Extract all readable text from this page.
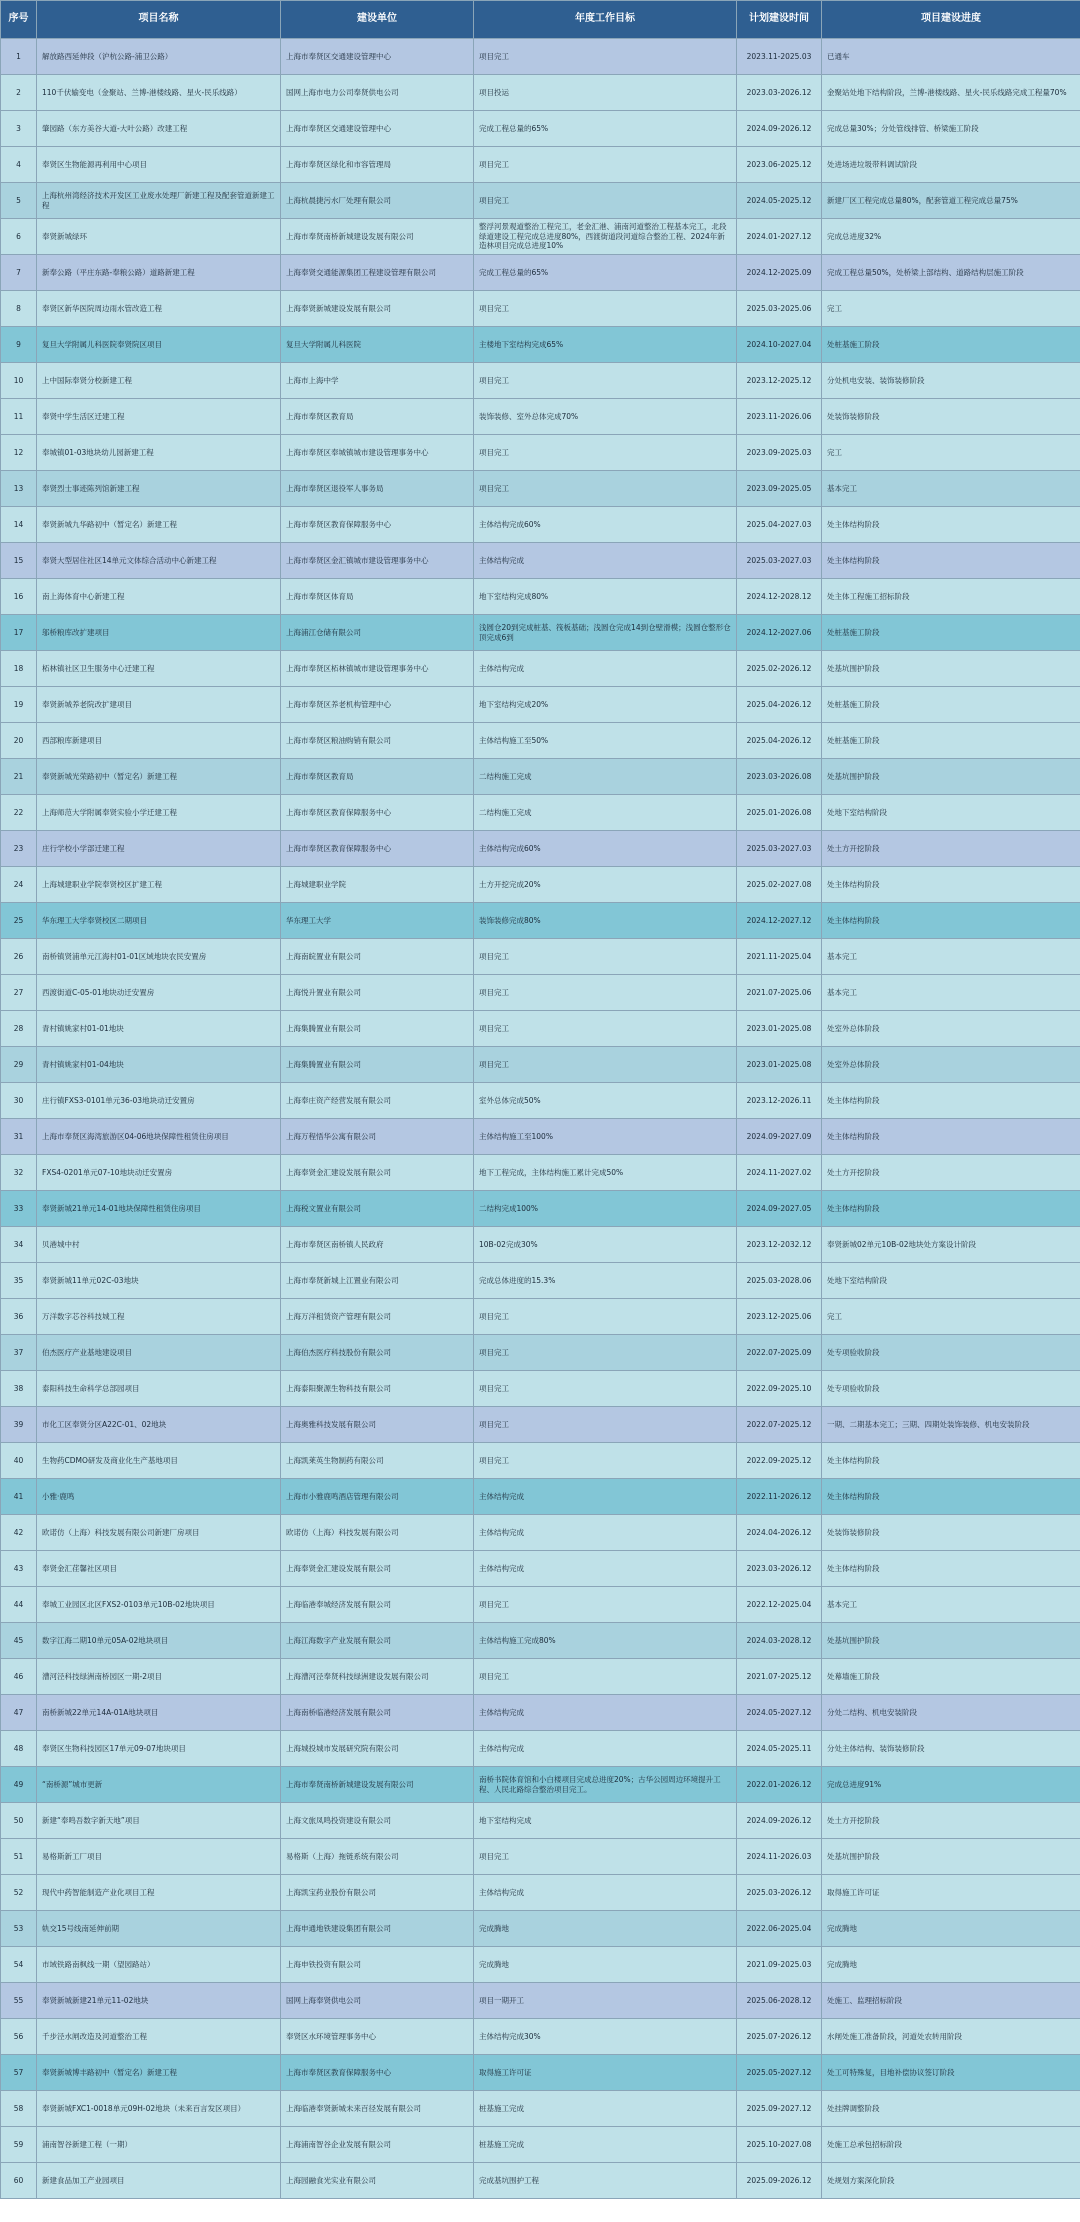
序号	项目名称	建设单位	年度工作目标	计划建设时间	项目建设进度
1	解放路西延伸段（沪杭公路-浦卫公路）	上海市奉贤区交通建设管理中心	项目完工	2023.11-2025.03	已通车
2	110千伏输变电（金聚站、兰博-港楼线路、星火-民乐线路）	国网上海市电力公司奉贤供电公司	项目投运	2023.03-2026.12	金聚站处地下结构阶段，兰博-港楼线路、星火-民乐线路完成工程量70%
3	肇园路（东方美谷大道-大叶公路）改建工程	上海市奉贤区交通建设管理中心	完成工程总量的65%	2024.09-2026.12	完成总量30%；分处管线排管、桥梁施工阶段
4	奉贤区生物能源再利用中心项目	上海市奉贤区绿化和市容管理局	项目完工	2023.06-2025.12	处进场进垃圾带料调试阶段
5	上海杭州湾经济技术开发区工业废水处理厂新建工程及配套管道新建工程	上海杭晨捷污水厂处理有限公司	项目完工	2024.05-2025.12	新建厂区工程完成总量80%，配套管道工程完成总量75%
6	奉贤新城绿环	上海市奉贤南桥新城建设发展有限公司	整浮河景观道整治工程完工，老金汇港、浦南河道整治工程基本完工，北段绿道建设工程完成总进度80%，西渡街道段河道综合整治工程、2024年新造林项目完成总进度10%	2024.01-2027.12	完成总进度32%
7	新奉公路（平庄东路-奉粮公路）道路新建工程	上海奉贤交通能源集团工程建设管理有限公司	完成工程总量的65%	2024.12-2025.09	完成工程总量50%，处桥梁上部结构、道路结构层施工阶段
8	奉贤区新华医院周边雨水管改造工程	上海奉贤新城建设发展有限公司	项目完工	2025.03-2025.06	完工
9	复旦大学附属儿科医院奉贤院区项目	复旦大学附属儿科医院	主楼地下室结构完成65%	2024.10-2027.04	处桩基施工阶段
10	上中国际奉贤分校新建工程	上海市上海中学	项目完工	2023.12-2025.12	分处机电安装、装饰装修阶段
11	奉贤中学生活区迁建工程	上海市奉贤区教育局	装饰装修、室外总体完成70%	2023.11-2026.06	处装饰装修阶段
12	奉城镇01-03地块幼儿园新建工程	上海市奉贤区奉城镇城市建设管理事务中心	项目完工	2023.09-2025.03	完工
13	奉贤烈士事迹陈列馆新建工程	上海市奉贤区退役军人事务局	项目完工	2023.09-2025.05	基本完工
14	奉贤新城九华路初中（暂定名）新建工程	上海市奉贤区教育保障服务中心	主体结构完成60%	2025.04-2027.03	处主体结构阶段
15	奉贤大型居住社区14单元文体综合活动中心新建工程	上海市奉贤区金汇镇城市建设管理事务中心	主体结构完成	2025.03-2027.03	处主体结构阶段
16	南上海体育中心新建工程	上海市奉贤区体育局	地下室结构完成80%	2024.12-2028.12	处主体工程施工招标阶段
17	邬桥粮库改扩建项目	上海浦江仓储有限公司	浅圆仓20到完成桩基、筏板基础；浅圆仓完成14到仓壁滑模；浅圆仓整形仓顶完成6到	2024.12-2027.06	处桩基施工阶段
18	柘林镇社区卫生服务中心迁建工程	上海市奉贤区柘林镇城市建设管理事务中心	主体结构完成	2025.02-2026.12	处基坑围护阶段
19	奉贤新城养老院改扩建项目	上海市奉贤区养老机构管理中心	地下室结构完成20%	2025.04-2026.12	处桩基施工阶段
20	西部粮库新建项目	上海市奉贤区粮油购销有限公司	主体结构施工至50%	2025.04-2026.12	处桩基施工阶段
21	奉贤新城光荣路初中（暂定名）新建工程	上海市奉贤区教育局	二结构施工完成	2023.03-2026.08	处基坑围护阶段
22	上海师范大学附属奉贤实验小学迁建工程	上海市奉贤区教育保障服务中心	二结构施工完成	2025.01-2026.08	处地下室结构阶段
23	庄行学校小学部迁建工程	上海市奉贤区教育保障服务中心	主体结构完成60%	2025.03-2027.03	处土方开挖阶段
24	上海城建职业学院奉贤校区扩建工程	上海城建职业学院	土方开挖完成20%	2025.02-2027.08	处主体结构阶段
25	华东理工大学奉贤校区二期项目	华东理工大学	装饰装修完成80%	2024.12-2027.12	处主体结构阶段
26	南桥镇贤浦单元江海村01-01区域地块农民安置房	上海南皖置业有限公司	项目完工	2021.11-2025.04	基本完工
27	西渡街道C-05-01地块动迁安置房	上海悦升置业有限公司	项目完工	2021.07-2025.06	基本完工
28	青村镇姚家村01-01地块	上海集腾置业有限公司	项目完工	2023.01-2025.08	处室外总体阶段
29	青村镇姚家村01-04地块	上海集腾置业有限公司	项目完工	2023.01-2025.08	处室外总体阶段
30	庄行镇FXS3-0101单元36-03地块动迁安置房	上海奉庄资产经营发展有限公司	室外总体完成50%	2023.12-2026.11	处主体结构阶段
31	上海市奉贤区海湾旅游区04-06地块保障性租赁住房项目	上海万程悟华公寓有限公司	主体结构施工至100%	2024.09-2027.09	处主体结构阶段
32	FXS4-0201单元07-10地块动迁安置房	上海奉贤金汇建设发展有限公司	地下工程完成，主体结构施工累计完成50%	2024.11-2027.02	处土方开挖阶段
33	奉贤新城21单元14-01地块保障性租赁住房项目	上海税文置业有限公司	二结构完成100%	2024.09-2027.05	处主体结构阶段
34	贝港城中村	上海市奉贤区南桥镇人民政府	10B-02完成30%	2023.12-2032.12	奉贤新城02单元10B-02地块处方案设计阶段
35	奉贤新城11单元02C-03地块	上海市奉贤新城上江置业有限公司	完成总体进度的15.3%	2025.03-2028.06	处地下室结构阶段
36	万洋数字芯谷科技城工程	上海万洋租赁资产管理有限公司	项目完工	2023.12-2025.06	完工
37	伯杰医疗产业基地建设项目	上海伯杰医疗科技股份有限公司	项目完工	2022.07-2025.09	处专项验收阶段
38	泰阳科技生命科学总部园项目	上海泰阳聚源生物科技有限公司	项目完工	2022.09-2025.10	处专项验收阶段
39	市化工区奉贤分区A22C-01、02地块	上海奥雅科技发展有限公司	项目完工	2022.07-2025.12	一期、二期基本完工；三期、四期处装饰装修、机电安装阶段
40	生物药CDMO研发及商业化生产基地项目	上海凯莱英生物制药有限公司	项目完工	2022.09-2025.12	处主体结构阶段
41	小雅·鹿鸣	上海市小雅鹿鸣酒店管理有限公司	主体结构完成	2022.11-2026.12	处主体结构阶段
42	欧诺仿（上海）科技发展有限公司新建厂房项目	欧诺仿（上海）科技发展有限公司	主体结构完成	2024.04-2026.12	处装饰装修阶段
43	奉贤金汇荏馨社区项目	上海奉贤金汇建设发展有限公司	主体结构完成	2023.03-2026.12	处主体结构阶段
44	奉城工业园区北区FXS2-0103单元10B-02地块项目	上海临港奉城经济发展有限公司	项目完工	2022.12-2025.04	基本完工
45	数字江海二期10单元05A-02地块项目	上海江海数字产业发展有限公司	主体结构施工完成80%	2024.03-2028.12	处基坑围护阶段
46	漕河泾科技绿洲南桥园区一期-2项目	上海漕河泾奉贤科技绿洲建设发展有限公司	项目完工	2021.07-2025.12	处幕墙施工阶段
47	南桥新城22单元14A-01A地块项目	上海南桥临港经济发展有限公司	主体结构完成	2024.05-2027.12	分处二结构、机电安装阶段
48	奉贤区生物科技园区17单元09-07地块项目	上海城投城市发展研究院有限公司	主体结构完成	2024.05-2025.11	分处主体结构、装饰装修阶段
49	“南桥源”城市更新	上海市奉贤南桥新城建设发展有限公司	南桥书院体育馆和小白楼项目完成总进度20%；古华公园周边环境提升工程、人民北路综合整治项目完工。	2022.01-2026.12	完成总进度91%
50	新建“奉鸣吾数字新天地”项目	上海文旅凤鸣投资建设有限公司	地下室结构完成	2024.09-2026.12	处土方开挖阶段
51	易格斯新工厂项目	易格斯（上海）拖链系统有限公司	项目完工	2024.11-2026.03	处基坑围护阶段
52	现代中药智能制造产业化项目工程	上海凯宝药业股份有限公司	主体结构完成	2025.03-2026.12	取得施工许可证
53	轨交15号线南延伸前期	上海申通地铁建设集团有限公司	完成腾地	2022.06-2025.04	完成腾地
54	市域铁路南枫线一期（望园路站）	上海申铁投资有限公司	完成腾地	2021.09-2025.03	完成腾地
55	奉贤新城新建21单元11-02地块	国网上海奉贤供电公司	项目一期开工	2025.06-2028.12	处施工、监理招标阶段
56	千步泾水闸改造及河道整治工程	奉贤区水环境管理事务中心	主体结构完成30%	2025.07-2026.12	水闸处施工准备阶段，河道处农转用阶段
57	奉贤新城博丰路初中（暂定名）新建工程	上海市奉贤区教育保障服务中心	取得施工许可证	2025.05-2027.12	处工可特殊复，目地补偿协议签订阶段
58	奉贤新城FXC1-0018单元09H-02地块（未来百言发区项目）	上海临港奉贤新城未来百径发展有限公司	桩基施工完成	2025.09-2027.12	处挂牌调整阶段
59	浦南智谷新建工程（一期）	上海浦南智谷企业发展有限公司	桩基施工完成	2025.10-2027.08	处施工总承包招标阶段
60	新建食品加工产业园项目	上海园融食光实业有限公司	完成基坑围护工程	2025.09-2026.12	处规划方案深化阶段
